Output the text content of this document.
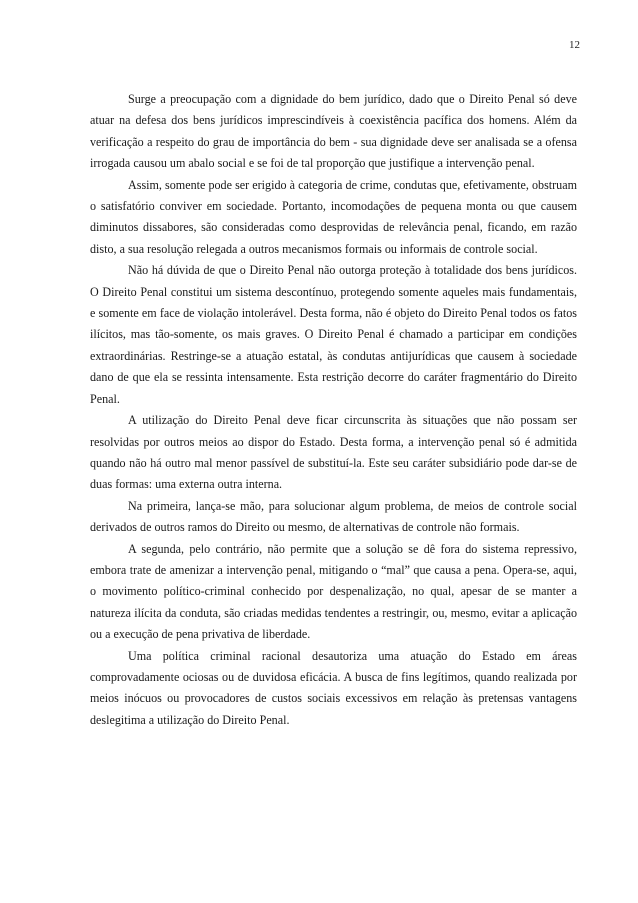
12

Surge a preocupação com a dignidade do bem jurídico, dado que o Direito Penal só deve atuar na defesa dos bens jurídicos imprescindíveis à coexistência pacífica dos homens. Além da verificação a respeito do grau de importância do bem - sua dignidade deve ser analisada se a ofensa irrogada causou um abalo social e se foi de tal proporção que justifique a intervenção penal.

Assim, somente pode ser erigido à categoria de crime, condutas que, efetivamente, obstruam o satisfatório conviver em sociedade. Portanto, incomodações de pequena monta ou que causem diminutos dissabores, são consideradas como desprovidas de relevância penal, ficando, em razão disto, a sua resolução relegada a outros mecanismos formais ou informais de controle social.

Não há dúvida de que o Direito Penal não outorga proteção à totalidade dos bens jurídicos. O Direito Penal constitui um sistema descontínuo, protegendo somente aqueles mais fundamentais, e somente em face de violação intolerável. Desta forma, não é objeto do Direito Penal todos os fatos ilícitos, mas tão-somente, os mais graves. O Direito Penal é chamado a participar em condições extraordinárias. Restringe-se a atuação estatal, às condutas antijurídicas que causem à sociedade dano de que ela se ressinta intensamente. Esta restrição decorre do caráter fragmentário do Direito Penal.

A utilização do Direito Penal deve ficar circunscrita às situações que não possam ser resolvidas por outros meios ao dispor do Estado. Desta forma, a intervenção penal só é admitida quando não há outro mal menor passível de substituí-la. Este seu caráter subsidiário pode dar-se de duas formas: uma externa outra interna.

Na primeira, lança-se mão, para solucionar algum problema, de meios de controle social derivados de outros ramos do Direito ou mesmo, de alternativas de controle não formais.

A segunda, pelo contrário, não permite que a solução se dê fora do sistema repressivo, embora trate de amenizar a intervenção penal, mitigando o “mal” que causa a pena. Opera-se, aqui, o movimento político-criminal conhecido por despenalização, no qual, apesar de se manter a natureza ilícita da conduta, são criadas medidas tendentes a restringir, ou, mesmo, evitar a aplicação ou a execução de pena privativa de liberdade.

Uma política criminal racional desautoriza uma atuação do Estado em áreas comprovadamente ociosas ou de duvidosa eficácia. A busca de fins legítimos, quando realizada por meios inócuos ou provocadores de custos sociais excessivos em relação às pretensas vantagens deslegitima a utilização do Direito Penal.
